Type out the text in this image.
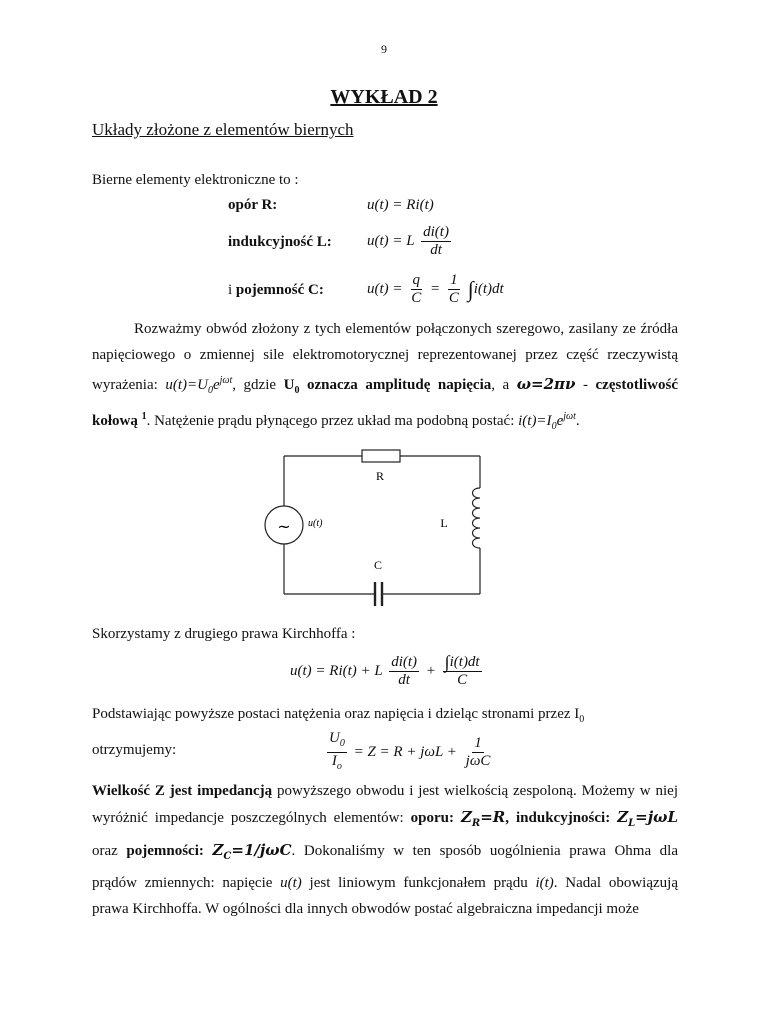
9
WYKŁAD 2
Układy złożone z elementów biernych
Bierne elementy elektroniczne to :
opór R:	u(t) = Ri(t)
indukcyjność L: u(t) = L $\frac{di(t)}{dt}$
i pojemność C:	$u(t) = \frac{q}{C} = \frac{1}{C} \int i(t)dt$
Rozważmy obwód złożony z tych elementów połączonych szeregowo, zasilany ze źródła napięciowego o zmiennej sile elektromotorycznej reprezentowanej przez część rzeczywistą wyrażenia: $u(t)=U_0e^{j\omega t}$, gdzie $U_0$ oznacza amplitudę napięcia, a ω=2πν - częstotliwość kołową $^1$. Natężenie prądu płynącego przez układ ma podobną postać: $i(t)=I_0e^{j\omega t}$.
R
L
C
u(t)
~
Skorzystamy z drugiego prawa Kirchhoffa :
u(t) = Ri(t) + L $\frac{di(t)}{dt} + \frac{\int i(t)dt}{C}$
Podstawiając powyższe postaci natężenia oraz napięcia i dzieląc stronami przez $I_0$
otrzymujemy:	$\frac{U_0}{I_o} = Z = R + j\omega L + \frac{1}{\text{jωC}}$
Wielkość Z jest impedancją powyższego obwodu i jest wielkością zespoloną. Możemy w niej wyróżnić impedancje poszczególnych elementów: oporu: $Z_R=R$, indukcyjności: $Z_L=j\omega L$ oraz pojemności: $Z_C=1$/jωC. Dokonaliśmy w ten sposób uogólnienia prawa Ohma dla prądów zmiennych: napięcie u(t) jest liniowym funkcjonałem prądu i(t). Nadal obowiązują prawa Kirchhoffa. W ogólności dla innych obwodów postać algebraiczna impedancji może
